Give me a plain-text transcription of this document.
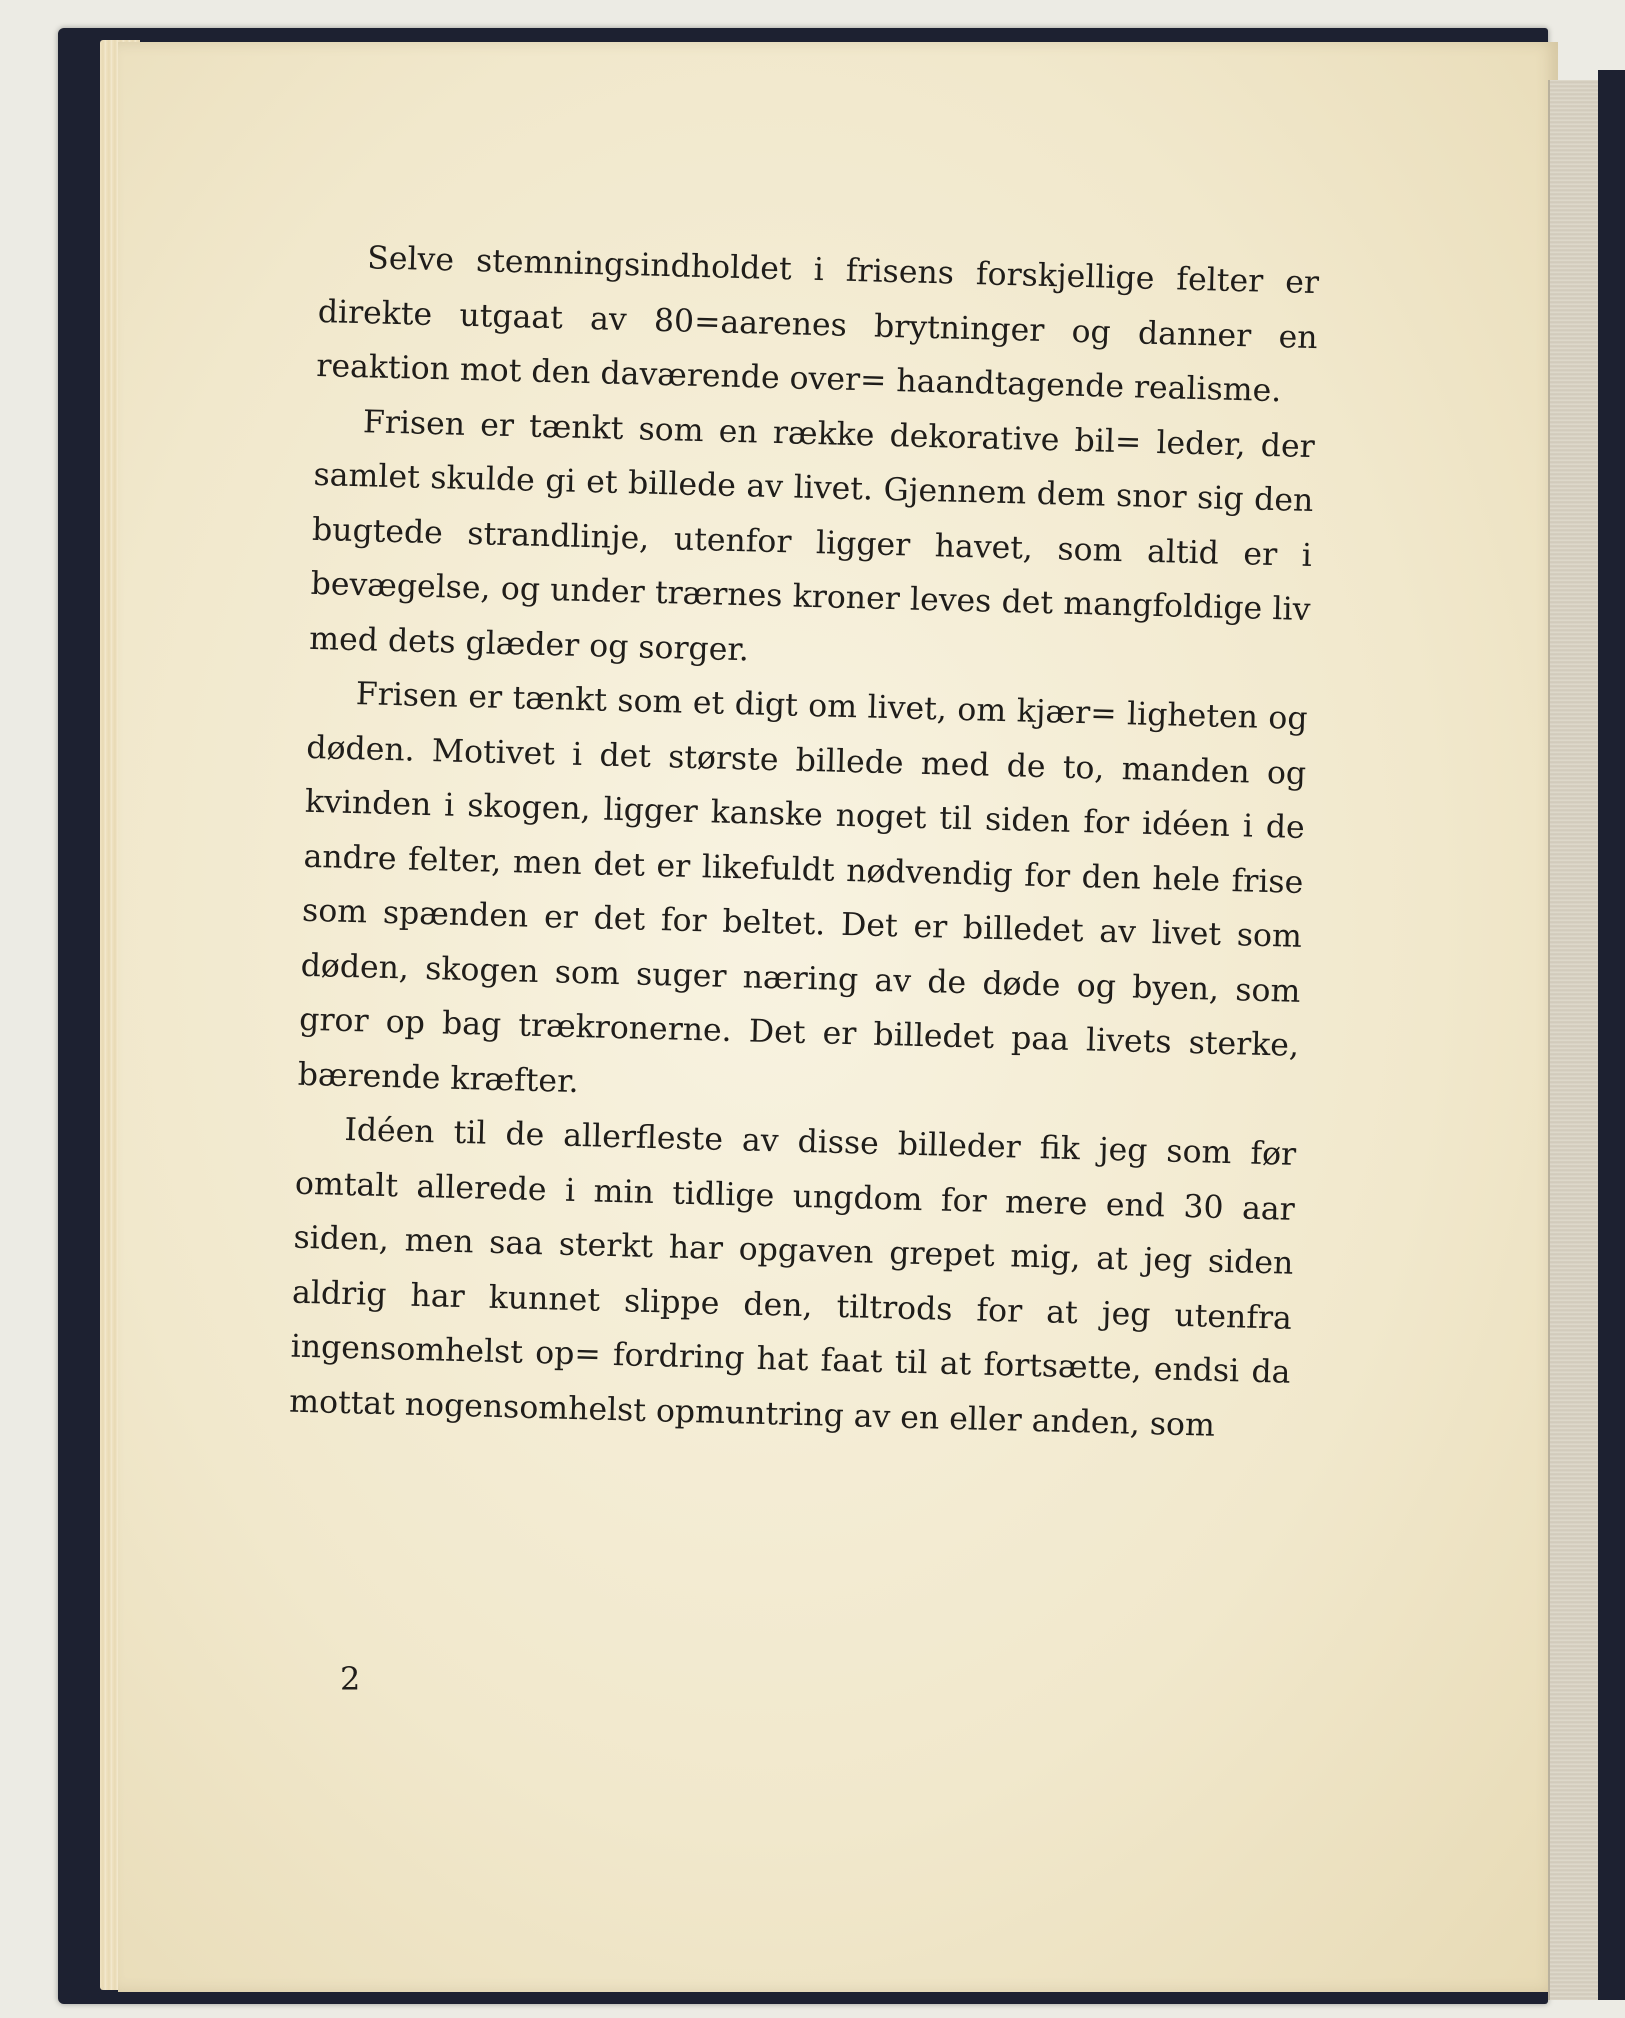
Selve stemningsindholdet i frisens forskjellige felter er direkte utgaat av 80=aarenes brytninger og danner en reaktion mot den daværende over= haandtagende realisme.

Frisen er tænkt som en række dekorative bil= leder, der samlet skulde gi et billede av livet. Gjennem dem snor sig den bugtede strandlinje, utenfor ligger havet, som altid er i bevægelse, og under trærnes kroner leves det mangfoldige liv med dets glæder og sorger.

Frisen er tænkt som et digt om livet, om kjær= ligheten og døden. Motivet i det største billede med de to, manden og kvinden i skogen, ligger kanske noget til siden for idéen i de andre felter, men det er likefuldt nødvendig for den hele frise som spænden er det for beltet. Det er billedet av livet som døden, skogen som suger næring av de døde og byen, som gror op bag trækronerne. Det er billedet paa livets sterke, bærende kræfter.

Idéen til de allerfleste av disse billeder fik jeg som før omtalt allerede i min tidlige ungdom for mere end 30 aar siden, men saa sterkt har opgaven grepet mig, at jeg siden aldrig har kunnet slippe den, tiltrods for at jeg utenfra ingensomhelst op= fordring hat faat til at fortsætte, endsi da mottat nogensomhelst opmuntring av en eller anden, som

2
